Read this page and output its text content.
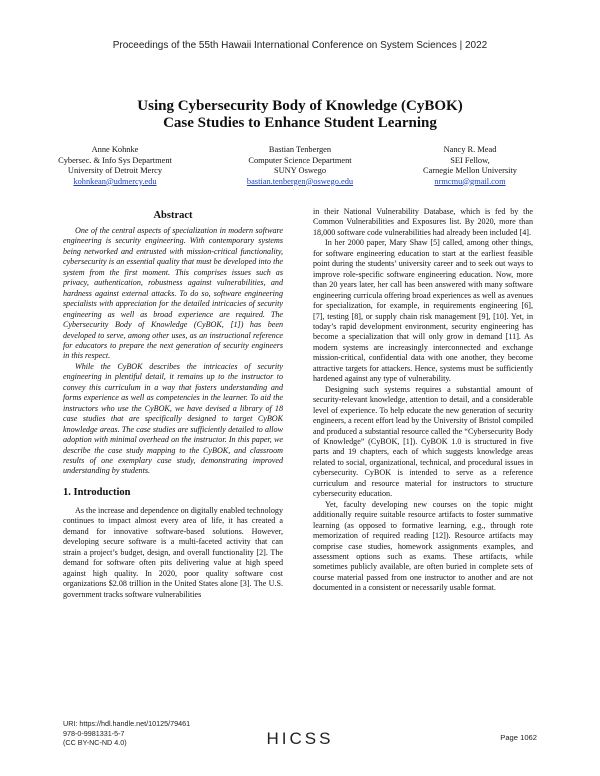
Proceedings of the 55th Hawaii International Conference on System Sciences | 2022
Using Cybersecurity Body of Knowledge (CyBOK)
Case Studies to Enhance Student Learning
Anne Kohnke
Cybersec. & Info Sys Department
University of Detroit Mercy
kohnkean@udmercy.edu
Bastian Tenbergen
Computer Science Department
SUNY Oswego
bastian.tenbergen@oswego.edu
Nancy R. Mead
SEI Fellow,
Carnegie Mellon University
nrmcmu@gmail.com
Abstract

One of the central aspects of specialization in modern software engineering is security engineering. With contemporary systems being networked and entrusted with mission-critical functionality, cybersecurity is an essential quality that must be developed into the system from the first moment. This comprises issues such as privacy, authentication, robustness against vulnerabilities, and hardness against external attacks. To do so, software engineering specialists with appreciation for the detailed intricacies of security engineering as well as broad experience are required. The Cybersecurity Body of Knowledge (CyBOK, [1]) has been developed to serve, among other uses, as an instructional reference for educators to prepare the next generation of security engineers in this respect.

While the CyBOK describes the intricacies of security engineering in plentiful detail, it remains up to the instructor to convey this curriculum in a way that fosters understanding and forms experience as well as competencies in the learner. To aid the instructors who use the CyBOK, we have devised a library of 18 case studies that are specifically designed to target CyBOK knowledge areas. The case studies are sufficiently detailed to allow adoption with minimal overhead on the instructor. In this paper, we describe the case study mapping to the CyBOK, and classroom results of one exemplary case study, demonstrating improved understanding by students.

1. Introduction

As the increase and dependence on digitally enabled technology continues to impact almost every area of life, it has created a demand for innovative software-based solutions. However, developing secure software is a multi-faceted activity that can strain a project’s budget, design, and overall functionality [2]. The demand for software often pits delivering value at high speed against high quality. In 2020, poor quality software cost organizations $2.08 trillion in the United States alone [3]. The U.S. government tracks software vulnerabilities

in their National Vulnerability Database, which is fed by the Common Vulnerabilities and Exposures list. By 2020, more than 18,000 software code vulnerabilities had already been included [4].

In her 2000 paper, Mary Shaw [5] called, among other things, for software engineering education to start at the earliest feasible point during the students’ university career and to seek out ways to improve role-specific software engineering education. Now, more than 20 years later, her call has been answered with many software engineering curricula offering broad experiences as well as avenues for specialization, for example, in requirements engineering [6], [7], testing [8], or supply chain risk management [9], [10]. Yet, in today’s rapid development environment, security engineering has become a specialization that will only grow in demand [11]. As modern systems are increasingly interconnected and exchange mission-critical, confidential data with one another, they become attractive targets for attackers. Hence, systems must be sufficiently hardened against any type of vulnerability.

Designing such systems requires a substantial amount of security-relevant knowledge, attention to detail, and a considerable level of experience. To help educate the new generation of security engineers, a recent effort lead by the University of Bristol compiled and produced a substantial resource called the “Cybersecurity Body of Knowledge” (CyBOK, [1]). CyBOK 1.0 is structured in five parts and 19 chapters, each of which suggests knowledge areas related to social, organizational, technical, and procedural issues in cybersecurity. CyBOK is intended to serve as a reference curriculum and resource material for instructors to structure cybersecurity education.

Yet, faculty developing new courses on the topic might additionally require suitable resource artifacts to foster summative learning (as opposed to formative learning, e.g., through rote memorization of required reading [12]). Resource artifacts may comprise case studies, homework assignments examples, and assessment options such as exams. These artifacts, while sometimes publicly available, are often buried in complete sets of course material passed from one instructor to another and are not documented in a consistent or necessarily usable format.

URI: https://hdl.handle.net/10125/79461
978-0-9981331-5-7
(CC BY-NC-ND 4.0)	HICSS	Page 1062
